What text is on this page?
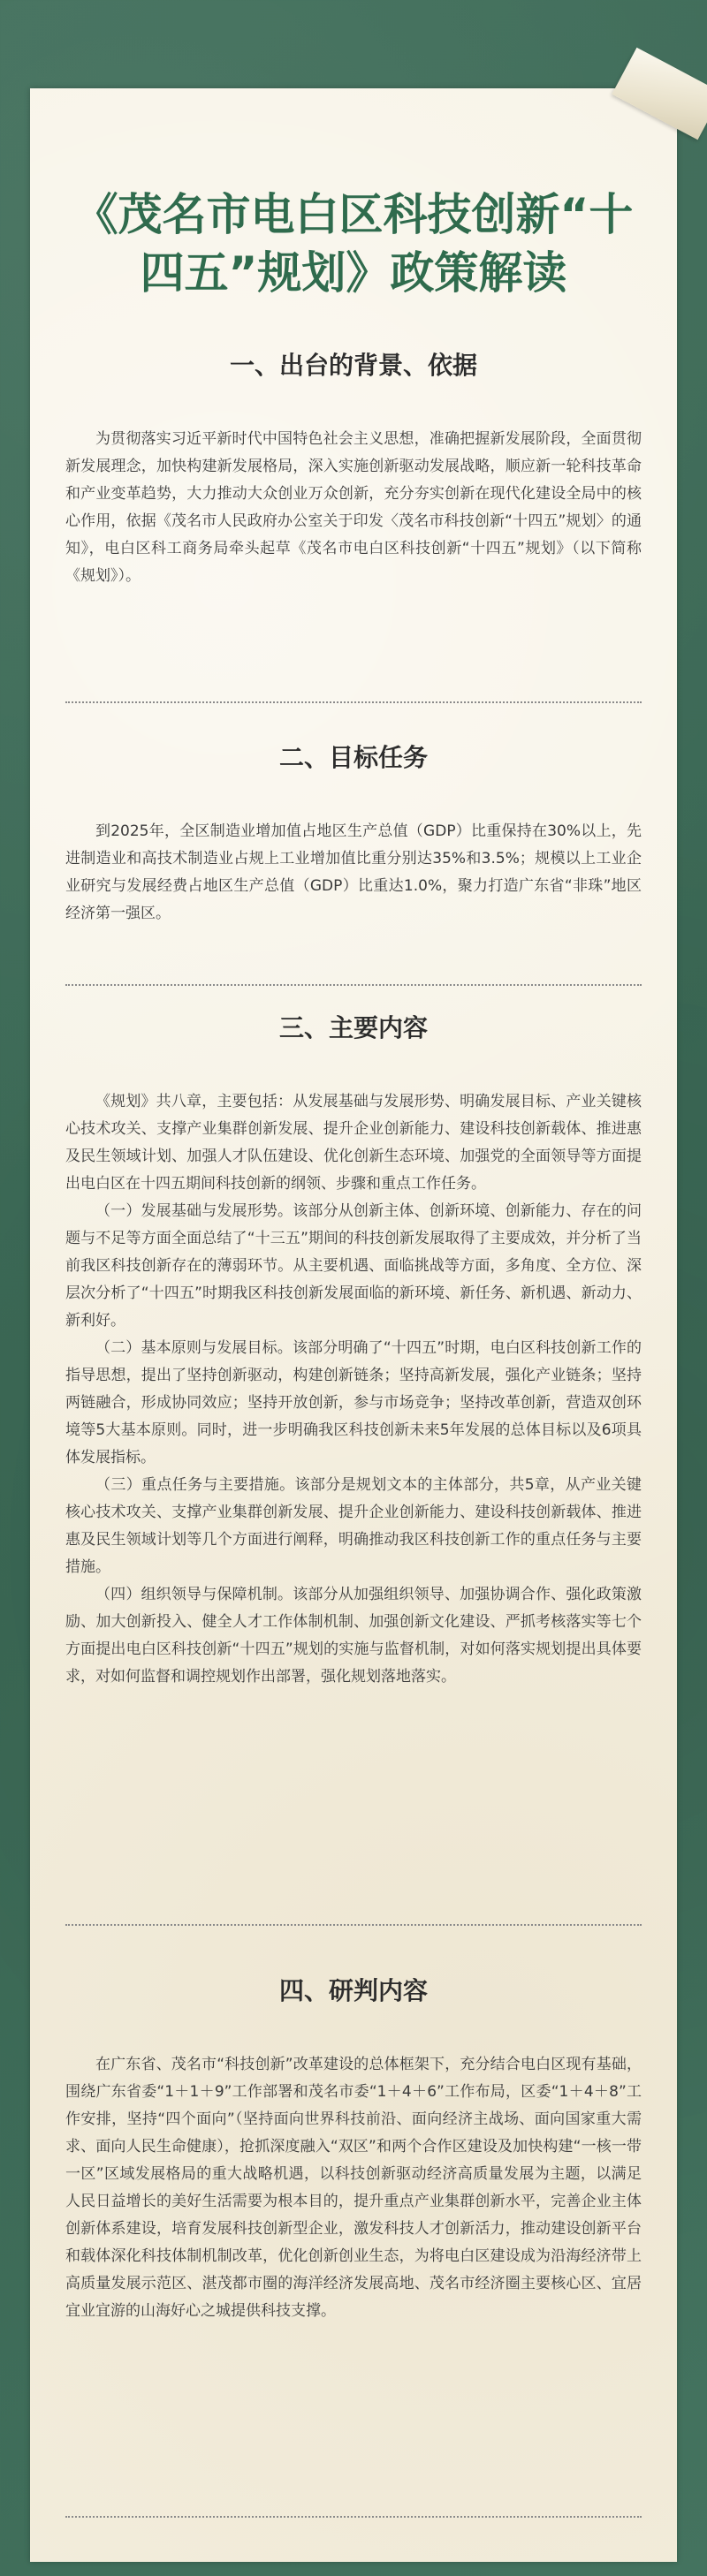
《茂名市电白区科技创新“十四五”规划》政策解读
一、出台的背景、依据

为贯彻落实习近平新时代中国特色社会主义思想，准确把握新发展阶段，全面贯彻新发展理念，加快构建新发展格局，深入实施创新驱动发展战略，顺应新一轮科技革命和产业变革趋势，大力推动大众创业万众创新，充分夯实创新在现代化建设全局中的核心作用，依据《茂名市人民政府办公室关于印发〈茂名市科技创新“十四五”规划〉的通知》，电白区科工商务局牵头起草《茂名市电白区科技创新“十四五”规划》（以下简称《规划》）。

二、目标任务

到2025年，全区制造业增加值占地区生产总值（GDP）比重保持在30%以上，先进制造业和高技术制造业占规上工业增加值比重分别达35%和3.5%；规模以上工业企业研究与发展经费占地区生产总值（GDP）比重达1.0%，聚力打造广东省“非珠”地区经济第一强区。

三、主要内容

《规划》共八章，主要包括：从发展基础与发展形势、明确发展目标、产业关键核心技术攻关、支撑产业集群创新发展、提升企业创新能力、建设科技创新载体、推进惠及民生领域计划、加强人才队伍建设、优化创新生态环境、加强党的全面领导等方面提出电白区在十四五期间科技创新的纲领、步骤和重点工作任务。

（一）发展基础与发展形势。该部分从创新主体、创新环境、创新能力、存在的问题与不足等方面全面总结了“十三五”期间的科技创新发展取得了主要成效，并分析了当前我区科技创新存在的薄弱环节。从主要机遇、面临挑战等方面，多角度、全方位、深层次分析了“十四五”时期我区科技创新发展面临的新环境、新任务、新机遇、新动力、新利好。

（二）基本原则与发展目标。该部分明确了“十四五”时期，电白区科技创新工作的指导思想，提出了坚持创新驱动，构建创新链条；坚持高新发展，强化产业链条；坚持两链融合，形成协同效应；坚持开放创新，参与市场竞争；坚持改革创新，营造双创环境等5大基本原则。同时，进一步明确我区科技创新未来5年发展的总体目标以及6项具体发展指标。

（三）重点任务与主要措施。该部分是规划文本的主体部分，共5章，从产业关键核心技术攻关、支撑产业集群创新发展、提升企业创新能力、建设科技创新载体、推进惠及民生领域计划等几个方面进行阐释，明确推动我区科技创新工作的重点任务与主要措施。

（四）组织领导与保障机制。该部分从加强组织领导、加强协调合作、强化政策激励、加大创新投入、健全人才工作体制机制、加强创新文化建设、严抓考核落实等七个方面提出电白区科技创新“十四五”规划的实施与监督机制，对如何落实规划提出具体要求，对如何监督和调控规划作出部署，强化规划落地落实。

四、研判内容

在广东省、茂名市“科技创新”改革建设的总体框架下，充分结合电白区现有基础，围绕广东省委“1＋1＋9”工作部署和茂名市委“1＋4＋6”工作布局，区委“1＋4＋8”工作安排，坚持“四个面向”（坚持面向世界科技前沿、面向经济主战场、面向国家重大需求、面向人民生命健康），抢抓深度融入“双区”和两个合作区建设及加快构建“一核一带一区”区域发展格局的重大战略机遇，以科技创新驱动经济高质量发展为主题，以满足人民日益增长的美好生活需要为根本目的，提升重点产业集群创新水平，完善企业主体创新体系建设，培育发展科技创新型企业，激发科技人才创新活力，推动建设创新平台和载体深化科技体制机制改革，优化创新创业生态，为将电白区建设成为沿海经济带上高质量发展示范区、湛茂都市圈的海洋经济发展高地、茂名市经济圈主要核心区、宜居宜业宜游的山海好心之城提供科技支撑。
